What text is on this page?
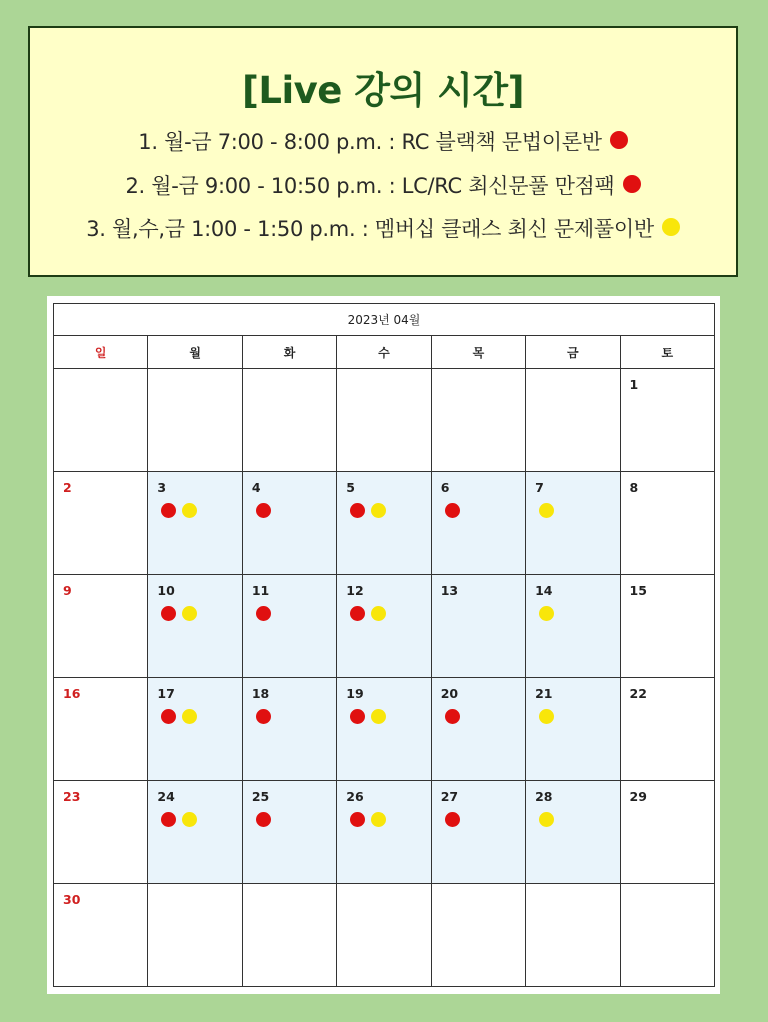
[Live 강의 시간]
1. 월-금 7:00 - 8:00 p.m. : RC 블랙책 문법이론반
2. 월-금 9:00 - 10:50 p.m. : LC/RC 최신문풀 만점팩
3. 월,수,금 1:00 - 1:50 p.m. : 멤버십 클래스 최신 문제풀이반
2023년 04월						
일	월	화	수	목	금	토

						1

2	3	4	5	6	7	8

9	10	11	12	13	14	15

16	17	18	19	20	21	22

23	24	25	26	27	28	29

30						
